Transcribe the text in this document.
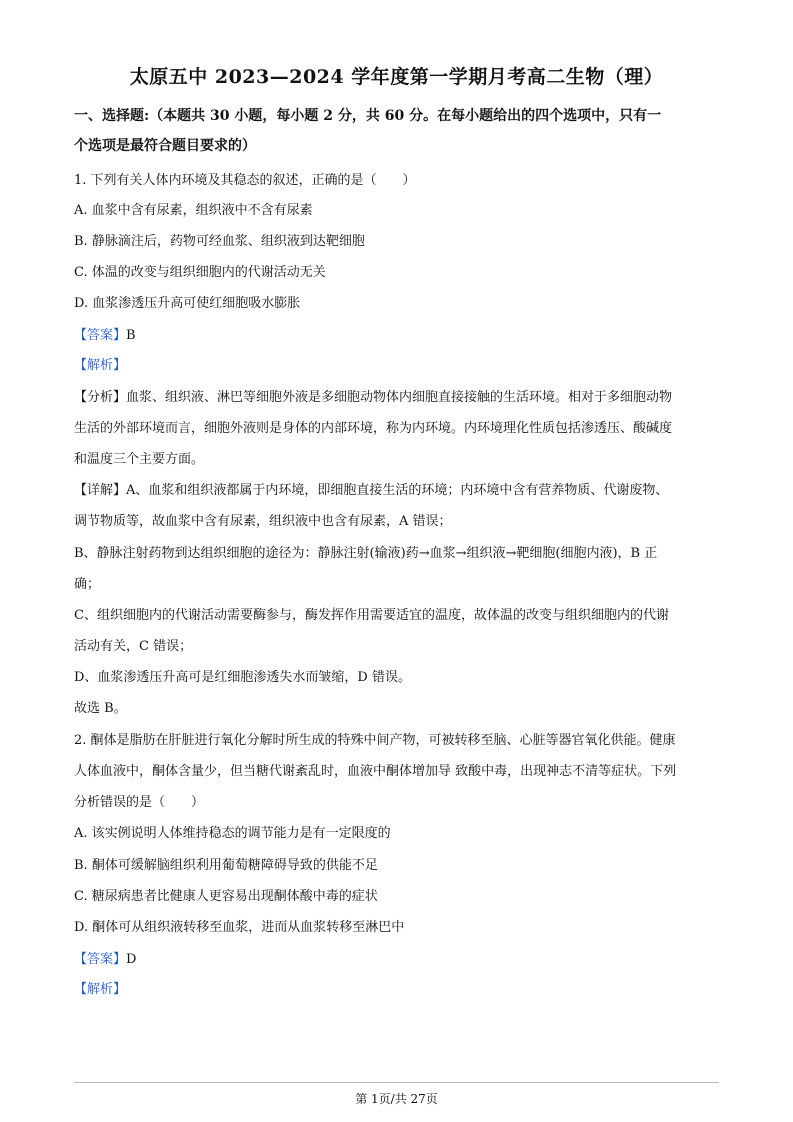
太原五中 2023—2024 学年度第一学期月考高二生物（理）
一、选择题:（本题共 30 小题，每小题 2 分，共 60 分。在每小题给出的四个选项中，只有一
个选项是最符合题目要求的）
1. 下列有关人体内环境及其稳态的叙述，正确的是（　　）
A. 血浆中含有尿素，组织液中不含有尿素
B. 静脉滴注后，药物可经血浆、组织液到达靶细胞
C. 体温的改变与组织细胞内的代谢活动无关
D. 血浆渗透压升高可使红细胞吸水膨胀
【答案】B
【解析】
【分析】血浆、组织液、淋巴等细胞外液是多细胞动物体内细胞直接接触的生活环境。相对于多细胞动物
生活的外部环境而言，细胞外液则是身体的内部环境，称为内环境。内环境理化性质包括渗透压、酸碱度
和温度三个主要方面。
【详解】A、血浆和组织液都属于内环境，即细胞直接生活的环境；内环境中含有营养物质、代谢废物、
调节物质等，故血浆中含有尿素，组织液中也含有尿素，A 错误；
B、静脉注射药物到达组织细胞的途径为：静脉注射(输液)药→血浆→组织液→靶细胞(细胞内液)，B 正
确；
C、组织细胞内的代谢活动需要酶参与，酶发挥作用需要适宜的温度，故体温的改变与组织细胞内的代谢
活动有关，C 错误；
D、血浆渗透压升高可是红细胞渗透失水而皱缩，D 错误。
故选 B。
2. 酮体是脂肪在肝脏进行氧化分解时所生成的特殊中间产物，可被转移至脑、心脏等器官氧化供能。健康
人体血液中，酮体含量少，但当糖代谢紊乱时，血液中酮体增加导 致酸中毒，出现神志不清等症状。下列
分析错误的是（　　）
A. 该实例说明人体维持稳态的调节能力是有一定限度的
B. 酮体可缓解脑组织利用葡萄糖障碍导致的供能不足
C. 糖尿病患者比健康人更容易出现酮体酸中毒的症状
D. 酮体可从组织液转移至血浆，进而从血浆转移至淋巴中
【答案】D
【解析】
第 1页/共 27页
